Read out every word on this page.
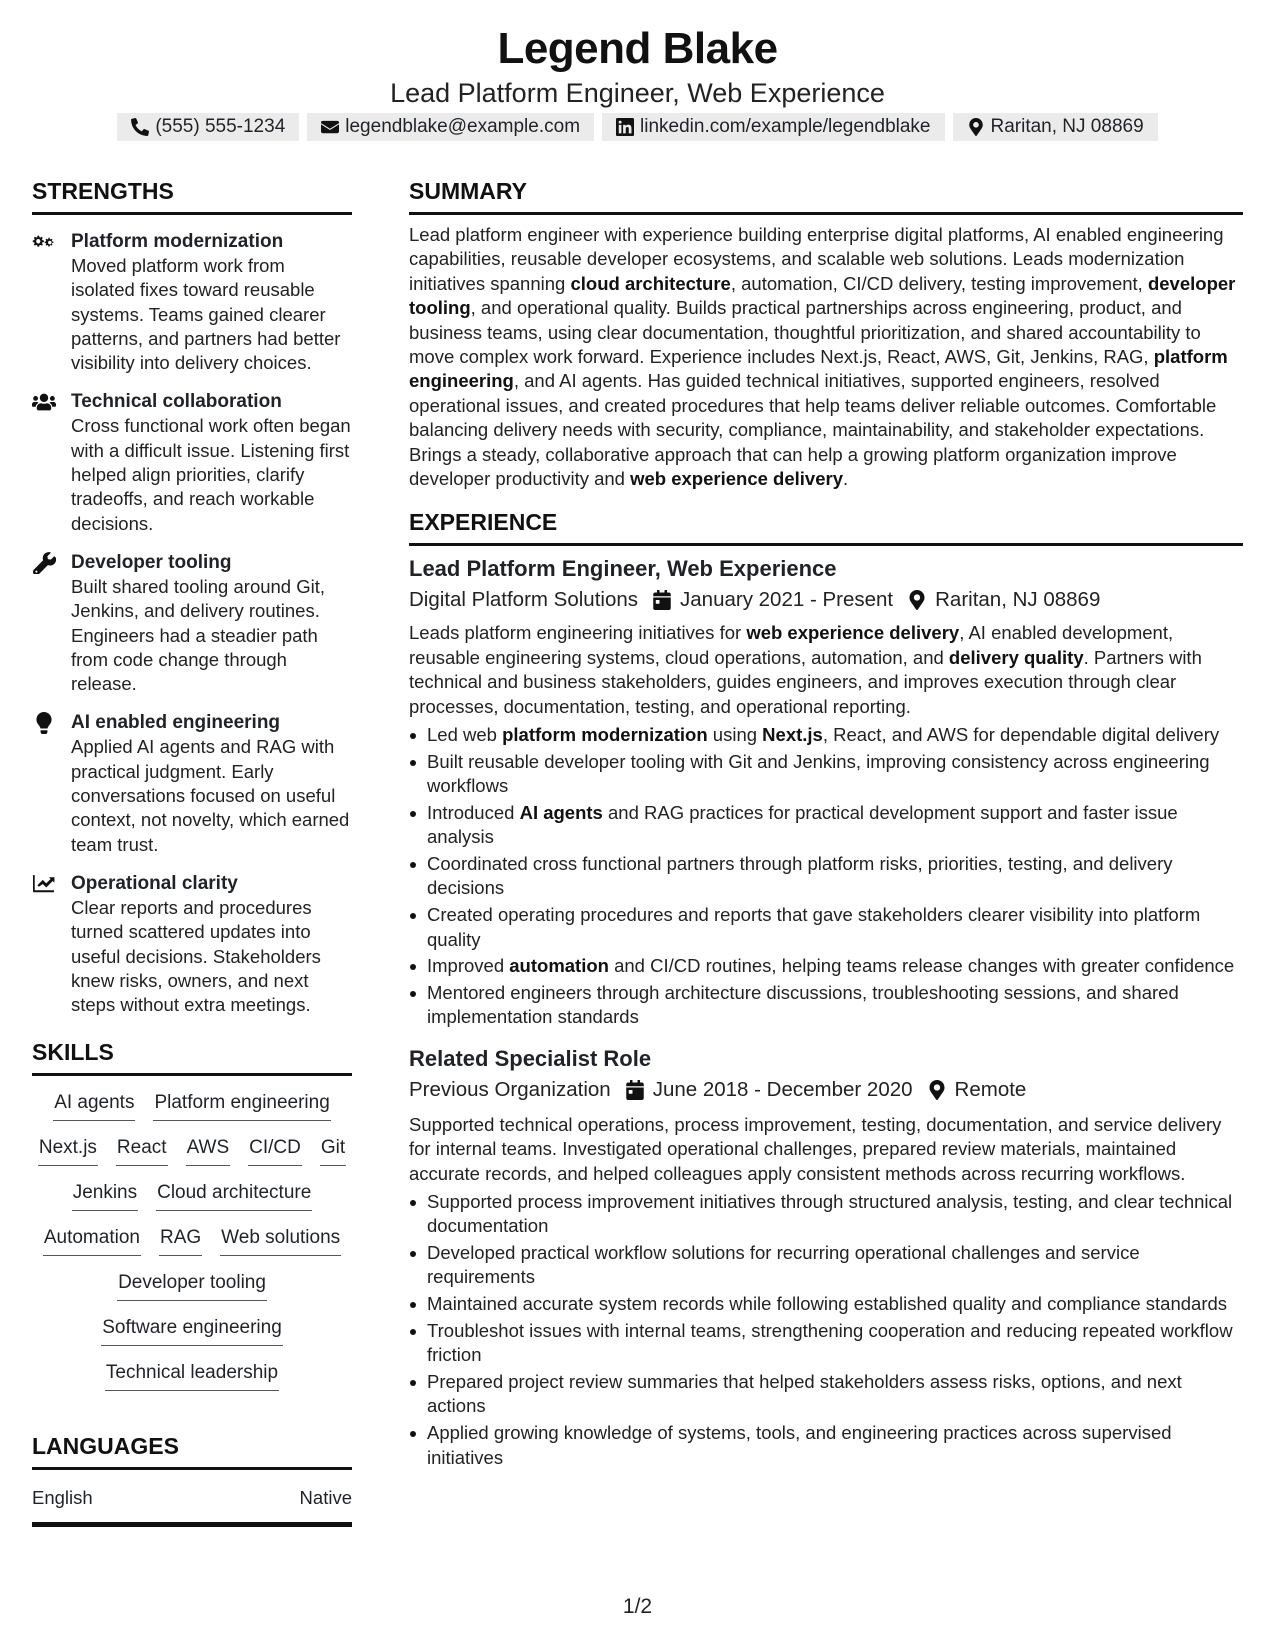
Legend Blake
Lead Platform Engineer, Web Experience
(555) 555-1234	legendblake@example.com	linkedin.com/example/legendblake	Raritan, NJ 08869
STRENGTHS
Platform modernization
Moved platform work from isolated fixes toward reusable systems. Teams gained clearer patterns, and partners had better visibility into delivery choices.
Technical collaboration
Cross functional work often began with a difficult issue. Listening first helped align priorities, clarify tradeoffs, and reach workable decisions.
Developer tooling
Built shared tooling around Git, Jenkins, and delivery routines. Engineers had a steadier path from code change through release.
AI enabled engineering
Applied AI agents and RAG with practical judgment. Early conversations focused on useful context, not novelty, which earned team trust.
Operational clarity
Clear reports and procedures turned scattered updates into useful decisions. Stakeholders knew risks, owners, and next steps without extra meetings.
SKILLS
AI agents Platform engineering
Next.js React AWS CI/CD Git
Jenkins Cloud architecture
Automation RAG Web solutions
Developer tooling
Software engineering
Technical leadership
LANGUAGES
English	Native
SUMMARY
Lead platform engineer with experience building enterprise digital platforms, AI enabled engineering capabilities, reusable developer ecosystems, and scalable web solutions. Leads modernization initiatives spanning cloud architecture, automation, CI/CD delivery, testing improvement, developer tooling, and operational quality. Builds practical partnerships across engineering, product, and business teams, using clear documentation, thoughtful prioritization, and shared accountability to move complex work forward. Experience includes Next.js, React, AWS, Git, Jenkins, RAG, platform engineering, and AI agents. Has guided technical initiatives, supported engineers, resolved operational issues, and created procedures that help teams deliver reliable outcomes. Comfortable balancing delivery needs with security, compliance, maintainability, and stakeholder expectations. Brings a steady, collaborative approach that can help a growing platform organization improve developer productivity and web experience delivery.
EXPERIENCE
Lead Platform Engineer, Web Experience
Digital Platform Solutions January 2021 - Present Raritan, NJ 08869
Leads platform engineering initiatives for web experience delivery, AI enabled development, reusable engineering systems, cloud operations, automation, and delivery quality. Partners with technical and business stakeholders, guides engineers, and improves execution through clear processes, documentation, testing, and operational reporting.
Led web platform modernization using Next.js, React, and AWS for dependable digital delivery
Built reusable developer tooling with Git and Jenkins, improving consistency across engineering workflows
Introduced AI agents and RAG practices for practical development support and faster issue analysis
Coordinated cross functional partners through platform risks, priorities, testing, and delivery decisions
Created operating procedures and reports that gave stakeholders clearer visibility into platform quality
Improved automation and CI/CD routines, helping teams release changes with greater confidence
Mentored engineers through architecture discussions, troubleshooting sessions, and shared implementation standards
Related Specialist Role
Previous Organization June 2018 - December 2020 Remote
Supported technical operations, process improvement, testing, documentation, and service delivery for internal teams. Investigated operational challenges, prepared review materials, maintained accurate records, and helped colleagues apply consistent methods across recurring workflows.
Supported process improvement initiatives through structured analysis, testing, and clear technical documentation
Developed practical workflow solutions for recurring operational challenges and service requirements
Maintained accurate system records while following established quality and compliance standards
Troubleshot issues with internal teams, strengthening cooperation and reducing repeated workflow friction
Prepared project review summaries that helped stakeholders assess risks, options, and next actions
Applied growing knowledge of systems, tools, and engineering practices across supervised initiatives
1/2
